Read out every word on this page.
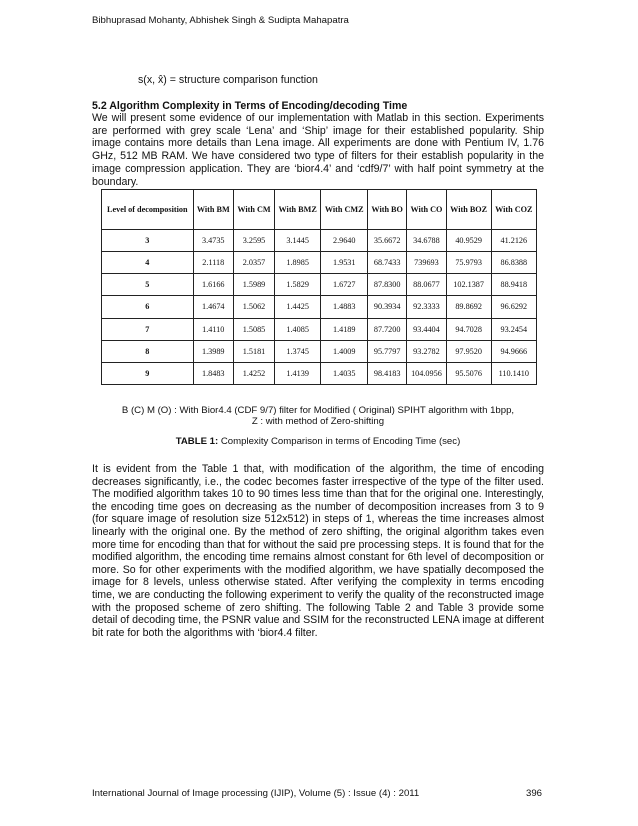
Bibhuprasad Mohanty, Abhishek Singh & Sudipta Mahapatra
s(x, x̂) = structure comparison function
5.2 Algorithm Complexity in Terms of Encoding/decoding Time

We will present some evidence of our implementation with Matlab in this section. Experiments are performed with grey scale ‘Lena’ and ‘Ship’ image for their established popularity. Ship image contains more details than Lena image. All experiments are done with Pentium IV, 1.76 GHz, 512 MB RAM. We have considered two type of filters for their establish popularity in the image compression application. They are ‘bior4.4’ and ‘cdf9/7’ with half point symmetry at the boundary.

Level of decomposition	With BM	With CM	With BMZ	With CMZ	With BO	With CO	With BOZ	With COZ
3	3.4735	3.2595	3.1445	2.9640	35.6672	34.6788	40.9529	41.2126
4	2.1118	2.0357	1.8985	1.9531	68.7433	739693	75.9793	86.8388
5	1.6166	1.5989	1.5829	1.6727	87.8300	88.0677	102.1387	88.9418
6	1.4674	1.5062	1.4425	1.4883	90.3934	92.3333	89.8692	96.6292
7	1.4110	1.5085	1.4085	1.4189	87.7200	93.4404	94.7028	93.2454
8	1.3989	1.5181	1.3745	1.4009	95.7797	93.2782	97.9520	94.9666
9	1.8483	1.4252	1.4139	1.4035	98.4183	104.0956	95.5076	110.1410
B (C) M (O) : With Bior4.4 (CDF 9/7) filter for Modified ( Original) SPIHT algorithm with 1bpp,
Z : with method of Zero-shifting
TABLE 1: Complexity Comparison in terms of Encoding Time (sec)

It is evident from the Table 1 that, with modification of the algorithm, the time of encoding decreases significantly, i.e., the codec becomes faster irrespective of the type of the filter used. The modified algorithm takes 10 to 90 times less time than that for the original one. Interestingly, the encoding time goes on decreasing as the number of decomposition increases from 3 to 9 (for square image of resolution size 512x512) in steps of 1, whereas the time increases almost linearly with the original one. By the method of zero shifting, the original algorithm takes even more time for encoding than that for without the said pre processing steps. It is found that for the modified algorithm, the encoding time remains almost constant for 6th level of decomposition or more. So for other experiments with the modified algorithm, we have spatially decomposed the image for 8 levels, unless otherwise stated. After verifying the complexity in terms encoding time, we are conducting the following experiment to verify the quality of the reconstructed image with the proposed scheme of zero shifting. The following Table 2 and Table 3 provide some detail of decoding time, the PSNR value and SSIM for the reconstructed LENA image at different bit rate for both the algorithms with ‘bior4.4 filter.

International Journal of Image processing (IJIP), Volume (5) : Issue (4) : 2011	396
